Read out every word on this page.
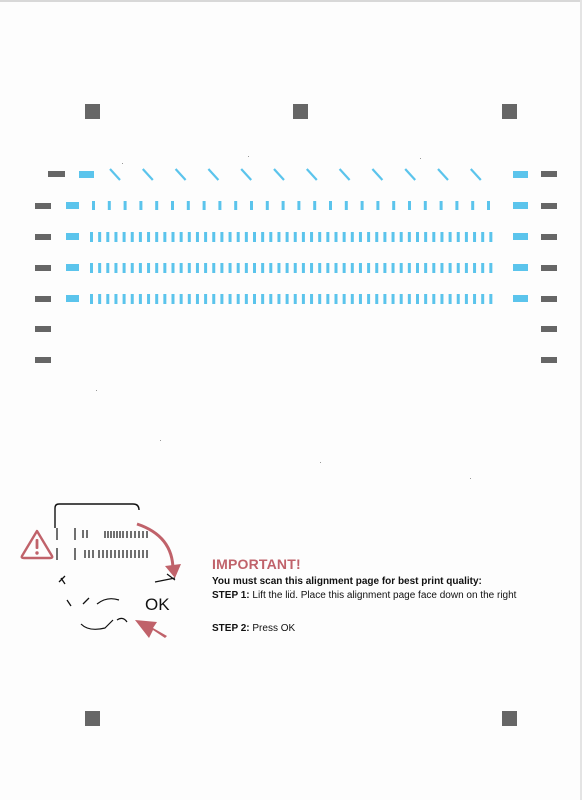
OK
IMPORTANT!
You must scan this alignment page for best print quality:
STEP 1: Lift the lid. Place this alignment page face down on the right
STEP 2: Press OK
